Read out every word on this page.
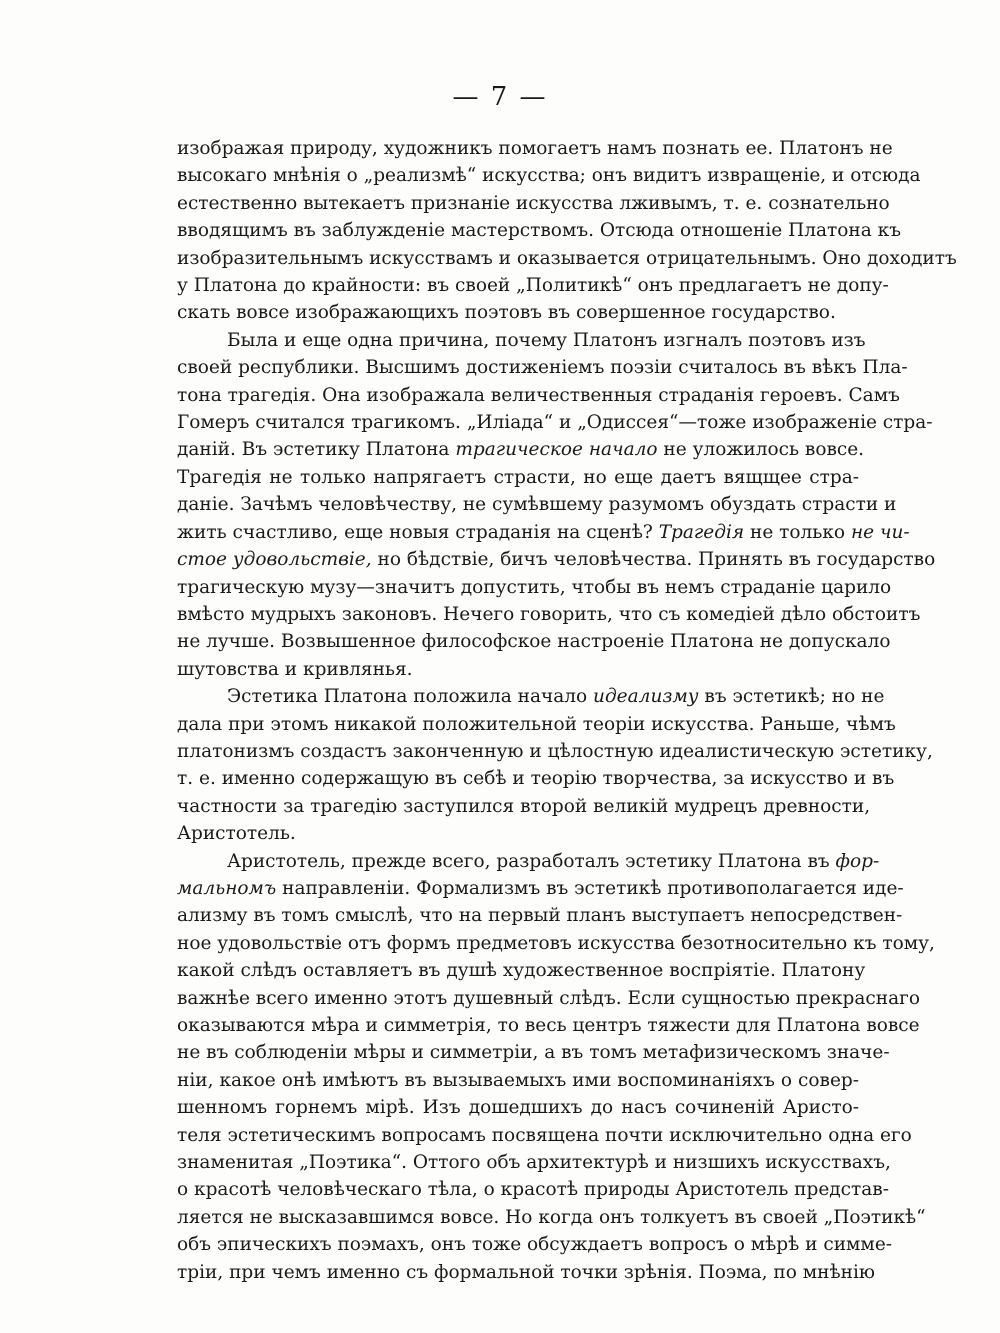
— 7 —

изображая природу, художникъ помогаетъ намъ познать ее. Платонъ не
высокаго мнѣнія о „реализмѣ“ искусства; онъ видитъ извращеніе, и отсюда
естественно вытекаетъ признаніе искусства лживымъ, т. е. сознательно
вводящимъ въ заблужденіе мастерствомъ. Отсюда отношеніе Платона къ
изобразительнымъ искусствамъ и оказывается отрицательнымъ. Оно доходитъ
у Платона до крайности: въ своей „Политикѣ“ онъ предлагаетъ не допу-
скать вовсе изображающихъ поэтовъ въ совершенное государство.

Была и еще одна причина, почему Платонъ изгналъ поэтовъ изъ
своей республики. Высшимъ достиженіемъ поэзіи считалось въ вѣкъ Пла-
тона трагедія. Она изображала величественныя страданія героевъ. Самъ
Гомеръ считался трагикомъ. „Иліада“ и „Одиссея“—тоже изображеніе стра-
даній. Въ эстетику Платона трагическое начало не уложилось вовсе.
Трагедія не только напрягаетъ страсти, но еще даетъ вящщее стра-
даніе. Зачѣмъ человѣчеству, не сумѣвшему разумомъ обуздать страсти и
жить счастливо, еще новыя страданія на сценѣ? Трагедія не только не чи-
стое удовольствіе, но бѣдствіе, бичъ человѣчества. Принять въ государство
трагическую музу—значитъ допустить, чтобы въ немъ страданіе царило
вмѣсто мудрыхъ законовъ. Нечего говорить, что съ комедіей дѣло обстоитъ
не лучше. Возвышенное философское настроеніе Платона не допускало
шутовства и кривлянья.

Эстетика Платона положила начало идеализму въ эстетикѣ; но не
дала при этомъ никакой положительной теоріи искусства. Раньше, чѣмъ
платонизмъ создастъ законченную и цѣлостную идеалистическую эстетику,
т. е. именно содержащую въ себѣ и теорію творчества, за искусство и въ
частности за трагедію заступился второй великій мудрецъ древности,
Аристотель.

Аристотель, прежде всего, разработалъ эстетику Платона въ фор-
мальномъ направленіи. Формализмъ въ эстетикѣ противополагается иде-
ализму въ томъ смыслѣ, что на первый планъ выступаетъ непосредствен-
ное удовольствіе отъ формъ предметовъ искусства безотносительно къ тому,
какой слѣдъ оставляетъ въ душѣ художественное воспріятіе. Платону
важнѣе всего именно этотъ душевный слѣдъ. Если сущностью прекраснаго
оказываются мѣра и симметрія, то весь центръ тяжести для Платона вовсе
не въ соблюденіи мѣры и симметріи, а въ томъ метафизическомъ значе-
ніи, какое онѣ имѣютъ въ вызываемыхъ ими воспоминаніяхъ о совер-
шенномъ горнемъ мірѣ. Изъ дошедшихъ до насъ сочиненій Аристо-
теля эстетическимъ вопросамъ посвящена почти исключительно одна его
знаменитая „Поэтика“. Оттого объ архитектурѣ и низшихъ искусствахъ,
о красотѣ человѣческаго тѣла, о красотѣ природы Аристотель представ-
ляется не высказавшимся вовсе. Но когда онъ толкуетъ въ своей „Поэтикѣ“
объ эпическихъ поэмахъ, онъ тоже обсуждаетъ вопросъ о мѣрѣ и симме-
тріи, при чемъ именно съ формальной точки зрѣнія. Поэма, по мнѣнію
